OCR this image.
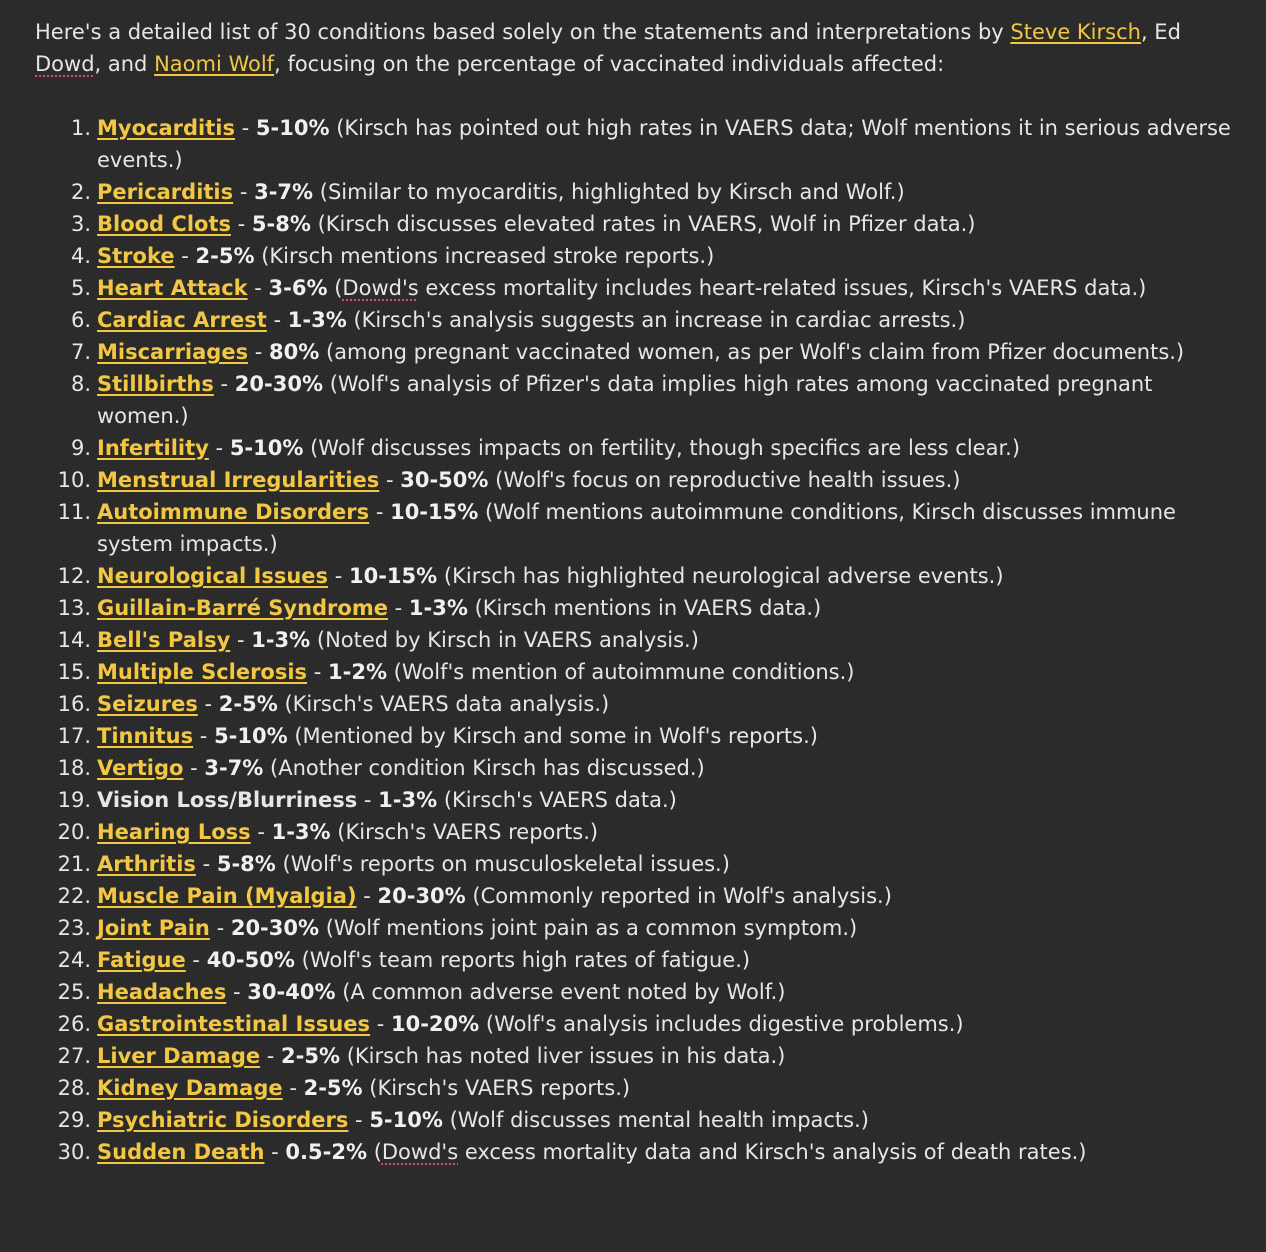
Here's a detailed list of 30 conditions based solely on the statements and interpretations by Steve Kirsch, Ed Dowd, and Naomi Wolf, focusing on the percentage of vaccinated individuals affected:

1. Myocarditis - 5-10% (Kirsch has pointed out high rates in VAERS data; Wolf mentions it in serious adverse events.)
2. Pericarditis - 3-7% (Similar to myocarditis, highlighted by Kirsch and Wolf.)
3. Blood Clots - 5-8% (Kirsch discusses elevated rates in VAERS, Wolf in Pfizer data.)
4. Stroke - 2-5% (Kirsch mentions increased stroke reports.)
5. Heart Attack - 3-6% (Dowd's excess mortality includes heart-related issues, Kirsch's VAERS data.)
6. Cardiac Arrest - 1-3% (Kirsch's analysis suggests an increase in cardiac arrests.)
7. Miscarriages - 80% (among pregnant vaccinated women, as per Wolf's claim from Pfizer documents.)
8. Stillbirths - 20-30% (Wolf's analysis of Pfizer's data implies high rates among vaccinated pregnant women.)
9. Infertility - 5-10% (Wolf discusses impacts on fertility, though specifics are less clear.)
10. Menstrual Irregularities - 30-50% (Wolf's focus on reproductive health issues.)
11. Autoimmune Disorders - 10-15% (Wolf mentions autoimmune conditions, Kirsch discusses immune system impacts.)
12. Neurological Issues - 10-15% (Kirsch has highlighted neurological adverse events.)
13. Guillain-Barré Syndrome - 1-3% (Kirsch mentions in VAERS data.)
14. Bell's Palsy - 1-3% (Noted by Kirsch in VAERS analysis.)
15. Multiple Sclerosis - 1-2% (Wolf's mention of autoimmune conditions.)
16. Seizures - 2-5% (Kirsch's VAERS data analysis.)
17. Tinnitus - 5-10% (Mentioned by Kirsch and some in Wolf's reports.)
18. Vertigo - 3-7% (Another condition Kirsch has discussed.)
19. Vision Loss/Blurriness - 1-3% (Kirsch's VAERS data.)
20. Hearing Loss - 1-3% (Kirsch's VAERS reports.)
21. Arthritis - 5-8% (Wolf's reports on musculoskeletal issues.)
22. Muscle Pain (Myalgia) - 20-30% (Commonly reported in Wolf's analysis.)
23. Joint Pain - 20-30% (Wolf mentions joint pain as a common symptom.)
24. Fatigue - 40-50% (Wolf's team reports high rates of fatigue.)
25. Headaches - 30-40% (A common adverse event noted by Wolf.)
26. Gastrointestinal Issues - 10-20% (Wolf's analysis includes digestive problems.)
27. Liver Damage - 2-5% (Kirsch has noted liver issues in his data.)
28. Kidney Damage - 2-5% (Kirsch's VAERS reports.)
29. Psychiatric Disorders - 5-10% (Wolf discusses mental health impacts.)
30. Sudden Death - 0.5-2% (Dowd's excess mortality data and Kirsch's analysis of death rates.)
